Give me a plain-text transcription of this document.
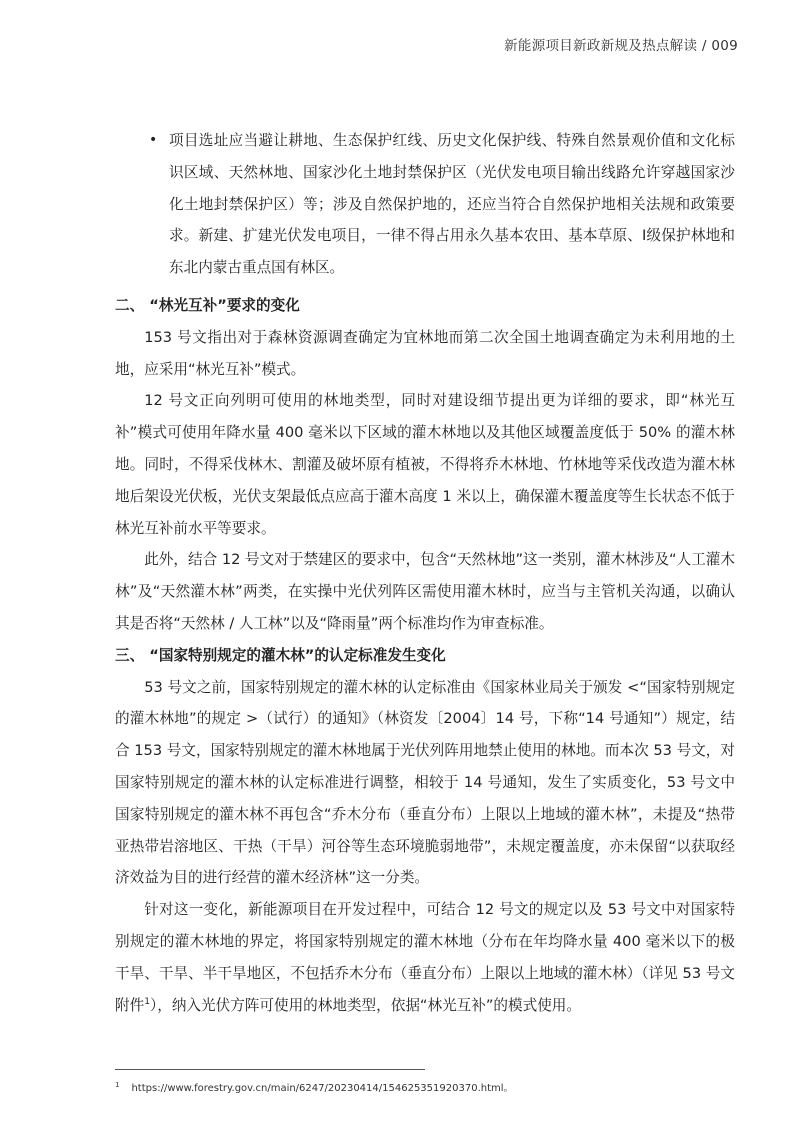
新能源项目新政新规及热点解读 / 009

• 项目选址应当避让耕地、生态保护红线、历史文化保护线、特殊自然景观价值和文化标识区域、天然林地、国家沙化土地封禁保护区（光伏发电项目输出线路允许穿越国家沙化土地封禁保护区）等；涉及自然保护地的，还应当符合自然保护地相关法规和政策要求。新建、扩建光伏发电项目，一律不得占用永久基本农田、基本草原、Ⅰ级保护林地和东北内蒙古重点国有林区。

二、 “林光互补”要求的变化

153 号文指出对于森林资源调查确定为宜林地而第二次全国土地调查确定为未利用地的土地，应采用“林光互补”模式。

12 号文正向列明可使用的林地类型，同时对建设细节提出更为详细的要求，即“林光互补”模式可使用年降水量 400 毫米以下区域的灌木林地以及其他区域覆盖度低于 50% 的灌木林地。同时，不得采伐林木、割灌及破坏原有植被，不得将乔木林地、竹林地等采伐改造为灌木林地后架设光伏板，光伏支架最低点应高于灌木高度 1 米以上，确保灌木覆盖度等生长状态不低于林光互补前水平等要求。

此外，结合 12 号文对于禁建区的要求中，包含“天然林地”这一类别，灌木林涉及“人工灌木林”及“天然灌木林”两类，在实操中光伏列阵区需使用灌木林时，应当与主管机关沟通，以确认其是否将“天然林 / 人工林”以及“降雨量”两个标准均作为审查标准。

三、 “国家特别规定的灌木林”的认定标准发生变化

53 号文之前，国家特别规定的灌木林的认定标准由《国家林业局关于颁发 <“国家特别规定的灌木林地”的规定 >（试行）的通知》（林资发〔2004〕14 号，下称“14 号通知”）规定，结合 153 号文，国家特别规定的灌木林地属于光伏列阵用地禁止使用的林地。而本次 53 号文，对国家特别规定的灌木林的认定标准进行调整，相较于 14 号通知，发生了实质变化，53 号文中国家特别规定的灌木林不再包含“乔木分布（垂直分布）上限以上地域的灌木林”，未提及“热带亚热带岩溶地区、干热（干旱）河谷等生态环境脆弱地带”，未规定覆盖度，亦未保留“以获取经济效益为目的进行经营的灌木经济林”这一分类。

针对这一变化，新能源项目在开发过程中，可结合 12 号文的规定以及 53 号文中对国家特别规定的灌木林地的界定，将国家特别规定的灌木林地（分布在年均降水量 400 毫米以下的极干旱、干旱、半干旱地区，不包括乔木分布（垂直分布）上限以上地域的灌木林）（详见 53 号文附件$^1$），纳入光伏方阵可使用的林地类型，依据“林光互补”的模式使用。

$^1$ https://www.forestry.gov.cn/main/6247/20230414/154625351920370.html。
